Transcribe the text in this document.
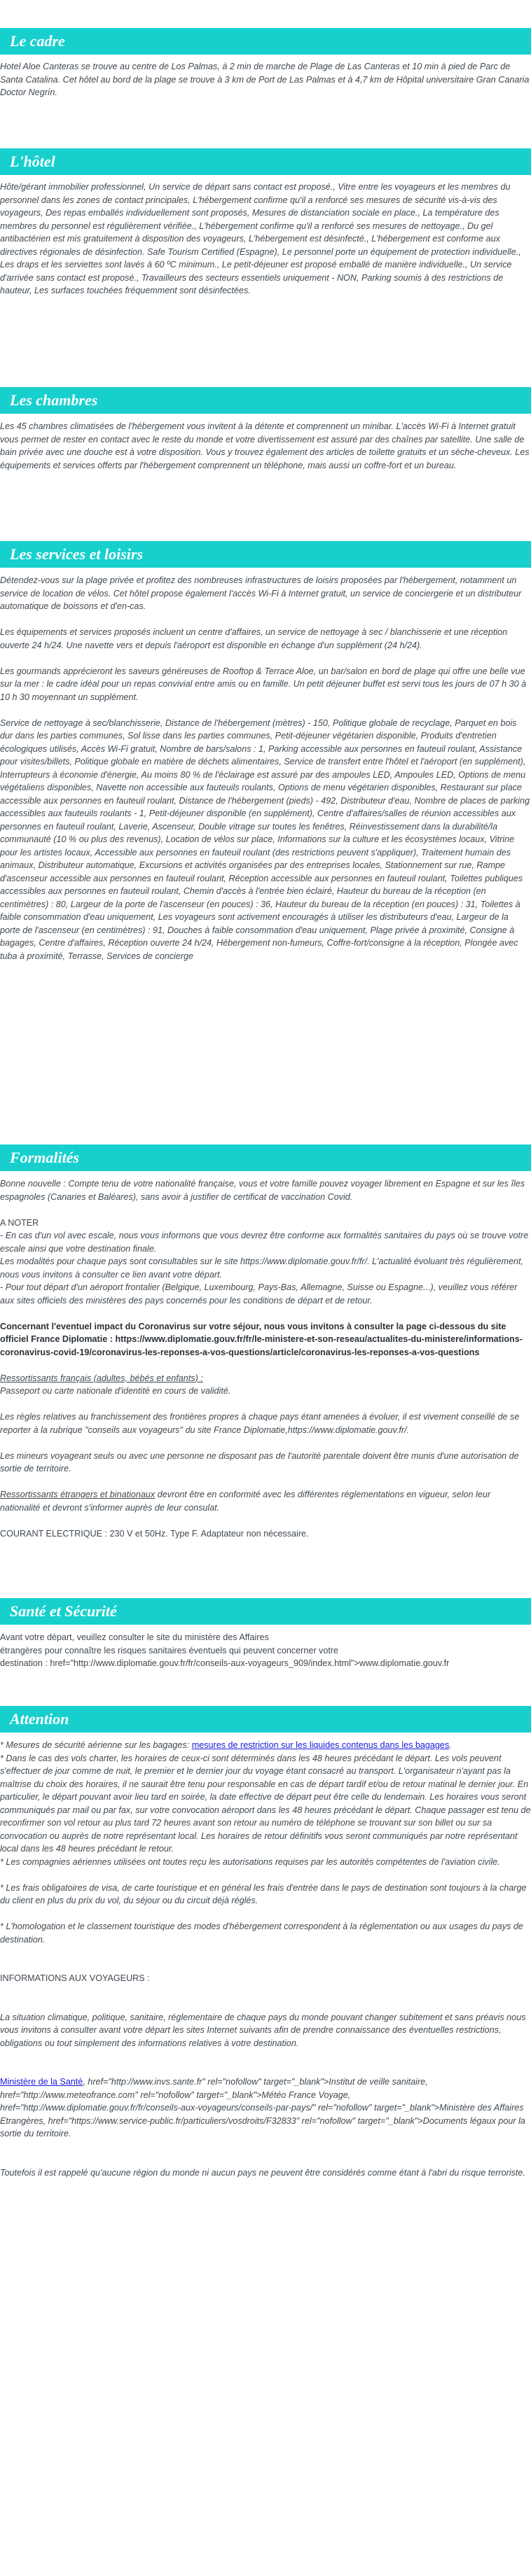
Le cadre

Hotel Aloe Canteras se trouve au centre de Los Palmas, à 2 min de marche de Plage de Las Canteras et 10 min à pied de Parc de Santa Catalina. Cet hôtel au bord de la plage se trouve à 3 km de Port de Las Palmas et à 4,7 km de Hôpital universitaire Gran Canaria Doctor Negrín.

L'hôtel

Hôte/gérant immobilier professionnel, Un service de départ sans contact est proposé., Vitre entre les voyageurs et les membres du personnel dans les zones de contact principales, L'hébergement confirme qu'il a renforcé ses mesures de sécurité vis-à-vis des voyageurs, Des repas emballés individuellement sont proposés, Mesures de distanciation sociale en place., La température des membres du personnel est régulièrement vérifiée., L'hébergement confirme qu'il a renforcé ses mesures de nettoyage., Du gel antibactérien est mis gratuitement à disposition des voyageurs, L'hébergement est désinfecté., L'hébergement est conforme aux directives régionales de désinfection. Safe Tourism Certified (Espagne), Le personnel porte un équipement de protection individuelle., Les draps et les serviettes sont lavés à 60 ºC minimum., Le petit-déjeuner est proposé emballé de manière individuelle., Un service d'arrivée sans contact est proposé., Travailleurs des secteurs essentiels uniquement - NON, Parking soumis à des restrictions de hauteur, Les surfaces touchées fréquemment sont désinfectées.

Les chambres

Les 45 chambres climatisées de l'hébergement vous invitent à la détente et comprennent un minibar. L'accès Wi-Fi à Internet gratuit vous permet de rester en contact avec le reste du monde et votre divertissement est assuré par des chaînes par satellite. Une salle de bain privée avec une douche est à votre disposition. Vous y trouvez également des articles de toilette gratuits et un sèche-cheveux. Les équipements et services offerts par l'hébergement comprennent un téléphone, mais aussi un coffre-fort et un bureau.

Les services et loisirs

Détendez-vous sur la plage privée et profitez des nombreuses infrastructures de loisirs proposées par l'hébergement, notamment un service de location de vélos. Cet hôtel propose également l'accès Wi-Fi à Internet gratuit, un service de conciergerie et un distributeur automatique de boissons et d'en-cas.

Les équipements et services proposés incluent un centre d'affaires, un service de nettoyage à sec / blanchisserie et une réception ouverte 24 h/24. Une navette vers et depuis l'aéroport est disponible en échange d'un supplément (24 h/24).

Les gourmands apprécieront les saveurs généreuses de Rooftop & Terrace Aloe, un bar/salon en bord de plage qui offre une belle vue sur la mer : le cadre idéal pour un repas convivial entre amis ou en famille. Un petit déjeuner buffet est servi tous les jours de 07 h 30 à 10 h 30 moyennant un supplément.

Service de nettoyage à sec/blanchisserie, Distance de l'hébergement (mètres) - 150, Politique globale de recyclage, Parquet en bois dur dans les parties communes, Sol lisse dans les parties communes, Petit-déjeuner végétarien disponible, Produits d'entretien écologiques utilisés, Accès Wi-Fi gratuit, Nombre de bars/salons : 1, Parking accessible aux personnes en fauteuil roulant, Assistance pour visites/billets, Politique globale en matière de déchets alimentaires, Service de transfert entre l'hôtel et l'aéroport (en supplément), Interrupteurs à économie d'énergie, Au moins 80 % de l'éclairage est assuré par des ampoules LED, Ampoules LED, Options de menu végétaliens disponibles, Navette non accessible aux fauteuils roulants, Options de menu végétarien disponibles, Restaurant sur place accessible aux personnes en fauteuil roulant, Distance de l'hébergement (pieds) - 492, Distributeur d'eau, Nombre de places de parking accessibles aux fauteuils roulants - 1, Petit-déjeuner disponible (en supplément), Centre d'affaires/salles de réunion accessibles aux personnes en fauteuil roulant, Laverie, Ascenseur, Double vitrage sur toutes les fenêtres, Réinvestissement dans la durabilité/la communauté (10 % ou plus des revenus), Location de vélos sur place, Informations sur la culture et les écosystèmes locaux, Vitrine pour les artistes locaux, Accessible aux personnes en fauteuil roulant (des restrictions peuvent s'appliquer), Traitement humain des animaux, Distributeur automatique, Excursions et activités organisées par des entreprises locales, Stationnement sur rue, Rampe d'ascenseur accessible aux personnes en fauteuil roulant, Réception accessible aux personnes en fauteuil roulant, Toilettes publiques accessibles aux personnes en fauteuil roulant, Chemin d'accès à l'entrée bien éclairé, Hauteur du bureau de la réception (en centimètres) : 80, Largeur de la porte de l'ascenseur (en pouces) : 36, Hauteur du bureau de la réception (en pouces) : 31, Toilettes à faible consommation d'eau uniquement, Les voyageurs sont activement encouragés à utiliser les distributeurs d'eau, Largeur de la porte de l'ascenseur (en centimètres) : 91, Douches à faible consommation d'eau uniquement, Plage privée à proximité, Consigne à bagages, Centre d'affaires, Réception ouverte 24 h/24, Hébergement non-fumeurs, Coffre-fort/consigne à la réception, Plongée avec tuba à proximité, Terrasse, Services de concierge

Formalités

Bonne nouvelle : Compte tenu de votre nationalité française, vous et votre famille pouvez voyager librement en Espagne et sur les îles espagnoles (Canaries et Baléares), sans avoir à justifier de certificat de vaccination Covid.

A NOTER

- En cas d'un vol avec escale, nous vous informons que vous devrez être conforme aux formalités sanitaires du pays où se trouve votre escale ainsi que votre destination finale.

Les modalités pour chaque pays sont consultables sur le site https://www.diplomatie.gouv.fr/fr/. L'actualité évoluant très régulièrement, nous vous invitons à consulter ce lien avant votre départ.

- Pour tout départ d'un aéroport frontalier (Belgique, Luxembourg, Pays-Bas, Allemagne, Suisse ou Espagne...), veuillez vous référer aux sites officiels des ministères des pays concernés pour les conditions de départ et de retour.

Concernant l'eventuel impact du Coronavirus sur votre séjour, nous vous invitons à consulter la page ci-dessous du site officiel France Diplomatie : https://www.diplomatie.gouv.fr/fr/le-ministere-et-son-reseau/actualites-du-ministere/informations-coronavirus-covid-19/coronavirus-les-reponses-a-vos-questions/article/coronavirus-les-reponses-a-vos-questions

Ressortissants français (adultes, bébés et enfants) :

Passeport ou carte nationale d'identité en cours de validité.

Les règles relatives au franchissement des frontières propres à chaque pays étant amenées à évoluer, il est vivement conseillé de se reporter à la rubrique "conseils aux voyageurs" du site France Diplomatie,https://www.diplomatie.gouv.fr/.

Les mineurs voyageant seuls ou avec une personne ne disposant pas de l'autorité parentale doivent être munis d'une autorisation de sortie de territoire.

Ressortissants étrangers et binationaux devront être en conformité avec les différentes réglementations en vigueur, selon leur nationalité et devront s'informer auprès de leur consulat.

COURANT ELECTRIQUE : 230 V et 50Hz. Type F. Adaptateur non nécessaire.

Santé et Sécurité

Avant votre départ, veuillez consulter le site du ministère des Affaires

étrangères pour connaître les risques sanitaires éventuels qui peuvent concerner votre

destination : href="http://www.diplomatie.gouv.fr/fr/conseils-aux-voyageurs_909/index.html">www.diplomatie.gouv.fr

Attention

* Mesures de sécurité aérienne sur les bagages: mesures de restriction sur les liquides contenus dans les bagages.

* Dans le cas des vols charter, les horaires de ceux-ci sont déterminés dans les 48 heures précédant le départ. Les vols peuvent s'effectuer de jour comme de nuit, le premier et le dernier jour du voyage étant consacré au transport. L'organisateur n'ayant pas la maîtrise du choix des horaires, il ne saurait être tenu pour responsable en cas de départ tardif et/ou de retour matinal le dernier jour. En particulier, le départ pouvant avoir lieu tard en soirée, la date effective de départ peut être celle du lendemain. Les horaires vous seront communiqués par mail ou par fax, sur votre convocation aéroport dans les 48 heures précédant le départ. Chaque passager est tenu de reconfirmer son vol retour au plus tard 72 heures avant son retour au numéro de téléphone se trouvant sur son billet ou sur sa convocation ou auprès de notre représentant local. Les horaires de retour définitifs vous seront communiqués par notre représentant local dans les 48 heures précédant le retour.

* Les compagnies aériennes utilisées ont toutes reçu les autorisations requises par les autorités compétentes de l'aviation civile.

* Les frais obligatoires de visa, de carte touristique et en général les frais d'entrée dans le pays de destination sont toujours à la charge du client en plus du prix du vol, du séjour ou du circuit déjà réglés.

* L'homologation et le classement touristique des modes d'hébergement correspondent à la réglementation ou aux usages du pays de destination.

INFORMATIONS AUX VOYAGEURS :

La situation climatique, politique, sanitaire, réglementaire de chaque pays du monde pouvant changer subitement et sans préavis nous vous invitons à consulter avant votre départ les sites Internet suivants afin de prendre connaissance des éventuelles restrictions, obligations ou tout simplement des informations relatives à votre destination.

Ministère de la Santé, href="http://www.invs.sante.fr" rel="nofollow" target="_blank">Institut de veille sanitaire, href="http://www.meteofrance.com" rel="nofollow" target="_blank">Météo France Voyage, href="http://www.diplomatie.gouv.fr/fr/conseils-aux-voyageurs/conseils-par-pays/" rel="nofollow" target="_blank">Ministère des Affaires Etrangères, href="https://www.service-public.fr/particuliers/vosdroits/F32833" rel="nofollow" target="_blank">Documents légaux pour la sortie du territoire.

Toutefois il est rappelé qu'aucune région du monde ni aucun pays ne peuvent être considérés comme étant à l'abri du risque terroriste.
